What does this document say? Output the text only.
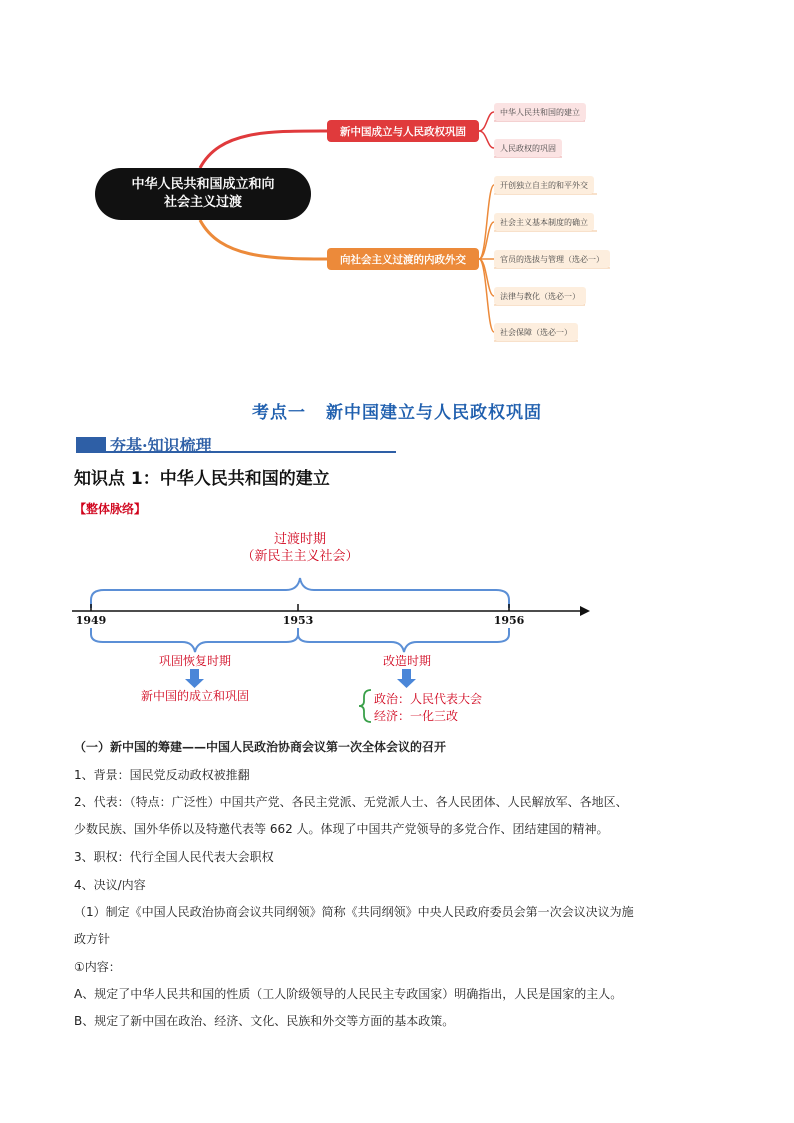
中华人民共和国成立和向
社会主义过渡
新中国成立与人民政权巩固
向社会主义过渡的内政外交
中华人民共和国的建立
人民政权的巩固
开创独立自主的和平外交
社会主义基本制度的确立
官员的选拔与管理（选必一）
法律与教化（选必一）
社会保障（选必一）
考点一 新中国建立与人民政权巩固
夯基·知识梳理
知识点 1：中华人民共和国的建立
【整体脉络】
过渡时期
（新民主主义社会）
1949	1953	1956
巩固恢复时期
新中国的成立和巩固
改造时期
政治：人民代表大会
经济：一化三改
（一）新中国的筹建——中国人民政治协商会议第一次全体会议的召开
1、背景：国民党反动政权被推翻
2、代表：（特点：广泛性）中国共产党、各民主党派、无党派人士、各人民团体、人民解放军、各地区、
少数民族、国外华侨以及特邀代表等 662 人。体现了中国共产党领导的多党合作、团结建国的精神。
3、职权：代行全国人民代表大会职权
4、决议/内容
（1）制定《中国人民政治协商会议共同纲领》简称《共同纲领》中央人民政府委员会第一次会议决议为施
政方针
①内容：
A、规定了中华人民共和国的性质（工人阶级领导的人民民主专政国家）明确指出，人民是国家的主人。
B、规定了新中国在政治、经济、文化、民族和外交等方面的基本政策。
